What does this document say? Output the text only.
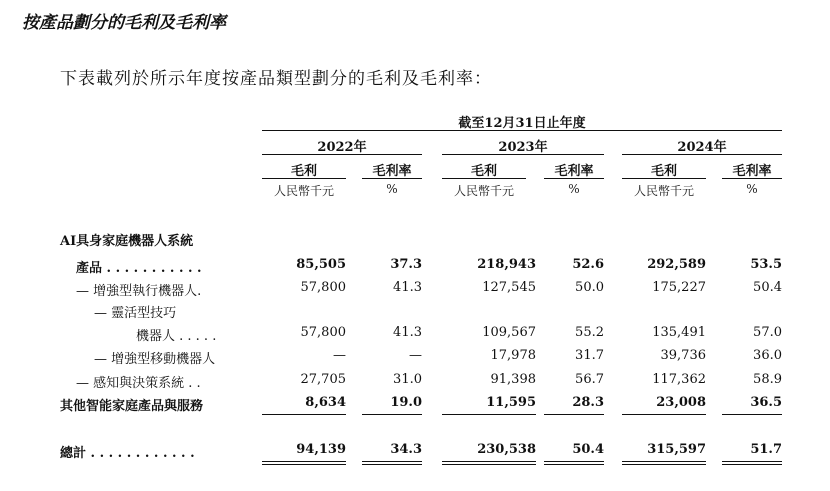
按產品劃分的毛利及毛利率
下表載列於所示年度按產品類型劃分的毛利及毛利率：
截至12月31日止年度
2022年	2023年	2024年
毛利	毛利率	毛利	毛利率	毛利	毛利率
人民幣千元	%	人民幣千元	%	人民幣千元	%
AI具身家庭機器人系統
產品 . . . . . . . . . . .	85,505	37.3	218,943	52.6	292,589	53.5
— 增強型執行機器人.	57,800	41.3	127,545	50.0	175,227	50.4
— 靈活型技巧
機器人 . . . . .	57,800	41.3	109,567	55.2	135,491	57.0
— 增強型移動機器人	—	—	17,978	31.7	39,736	36.0
— 感知與決策系統 . .	27,705	31.0	91,398	56.7	117,362	58.9
其他智能家庭產品與服務	8,634	19.0	11,595	28.3	23,008	36.5
總計 . . . . . . . . . . . .	94,139	34.3	230,538	50.4	315,597	51.7
